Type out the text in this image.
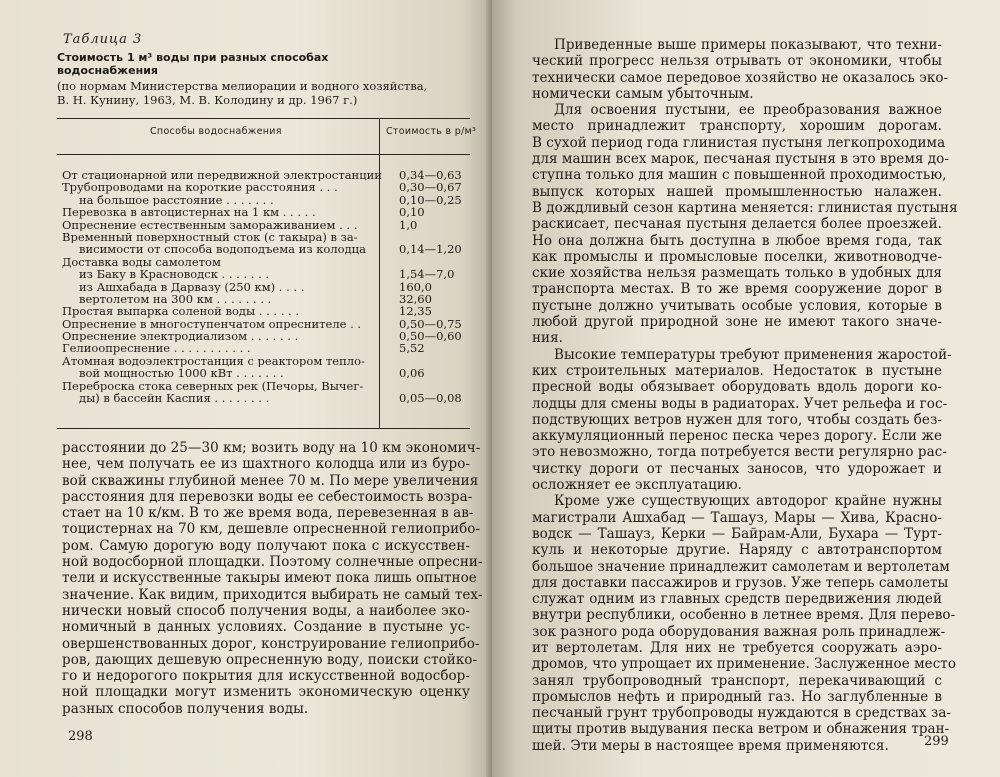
Таблица 3

Стоимость 1 м³ воды при разных способах
водоснабжения

(по нормам Министерства мелиорации и водного хозяйства,
В. Н. Кунину, 1963, М. В. Колодину и др. 1967 г.)

Способы водоснабжения	Стоимость в р/м³
От стационарной или передвижной электростанции 0,34—0,63
Трубопроводами на короткие расстояния . . .	0,30—0,67
на большое расстояние . . . . . . .	0,10—0,25
Перевозка в автоцистернах на 1 км . . . . .	0,10
Опреснение естественным замораживанием . . .	1,0
Временный поверхностный сток (с такыра) в за-
висимости от способа водоподъема из колодца	0,14—1,20
Доставка воды самолетом
из Баку в Красноводск . . . . . . .	1,54—7,0
из Ашхабада в Дарвазу (250 км) . . . .	160,0
вертолетом на 300 км . . . . . . . .	32,60
Простая выпарка соленой воды . . . . . .	12,35
Опреснение в многоступенчатом опреснителе . .	0,50—0,75
Опреснение электродиализом . . . . . . .	0,50—0,60
Гелиоопреснение . . . . . . . . . . .	5,52
Атомная водоэлектростанция с реактором тепло-
вой мощностью 1000 кВт . . . . . . .	0,06
Переброска стока северных рек (Печоры, Вычег-
ды) в бассейн Каспия . . . . . . . .	0,05—0,08
расстоянии до 25—30 км; возить воду на 10 км экономич-
нее, чем получать ее из шахтного колодца или из буро-
вой скважины глубиной менее 70 м. По мере увеличения
расстояния для перевозки воды ее себестоимость возра-
стает на 10 к/км. В то же время вода, перевезенная в ав-
тоцистернах на 70 км, дешевле опресненной гелиоприбо-
ром. Самую дорогую воду получают пока с искусствен-
ной водосборной площадки. Поэтому солнечные опресни-
тели и искусственные такыры имеют пока лишь опытное
значение. Как видим, приходится выбирать не самый тех-
нически новый способ получения воды, а наиболее эко-
номичный в данных условиях. Создание в пустыне ус-
овершенствованных дорог, конструирование гелиоприбо-
ров, дающих дешевую опресненную воду, поиски стойко-
го и недорогого покрытия для искусственной водосбор-
ной площадки могут изменить экономическую оценку
разных способов получения воды.
298
Приведенные выше примеры показывают, что техни-
ческий прогресс нельзя отрывать от экономики, чтобы
технически самое передовое хозяйство не оказалось эко-
номически самым убыточным.
Для освоения пустыни, ее преобразования важное
место принадлежит транспорту, хорошим дорогам.
В сухой период года глинистая пустыня легкопроходима
для машин всех марок, песчаная пустыня в это время до-
ступна только для машин с повышенной проходимостью,
выпуск которых нашей промышленностью налажен.
В дождливый сезон картина меняется: глинистая пустыня
раскисает, песчаная пустыня делается более проезжей.
Но она должна быть доступна в любое время года, так
как промыслы и промысловые поселки, животноводче-
ские хозяйства нельзя размещать только в удобных для
транспорта местах. В то же время сооружение дорог в
пустыне должно учитывать особые условия, которые в
любой другой природной зоне не имеют такого значе-
ния.
Высокие температуры требуют применения жаростой-
ких строительных материалов. Недостаток в пустыне
пресной воды обязывает оборудовать вдоль дороги ко-
лодцы для смены воды в радиаторах. Учет рельефа и гос-
подствующих ветров нужен для того, чтобы создать без-
аккумуляционный перенос песка через дорогу. Если же
это невозможно, тогда потребуется вести регулярно рас-
чистку дороги от песчаных заносов, что удорожает и
осложняет ее эксплуатацию.
Кроме уже существующих автодорог крайне нужны
магистрали Ашхабад — Ташауз, Мары — Хива, Красно-
водск — Ташауз, Керки — Байрам-Али, Бухара — Турт-
куль и некоторые другие. Наряду с автотранспортом
большое значение принадлежит самолетам и вертолетам
для доставки пассажиров и грузов. Уже теперь самолеты
служат одним из главных средств передвижения людей
внутри республики, особенно в летнее время. Для перево-
зок разного рода оборудования важная роль принадлеж-
ит вертолетам. Для них не требуется сооружать аэро-
дромов, что упрощает их применение. Заслуженное место
занял трубопроводный транспорт, перекачивающий с
промыслов нефть и природный газ. Но заглубленные в
песчаный грунт трубопроводы нуждаются в средствах за-
щиты против выдувания песка ветром и обнажения тран-
шей. Эти меры в настоящее время применяются.	299
